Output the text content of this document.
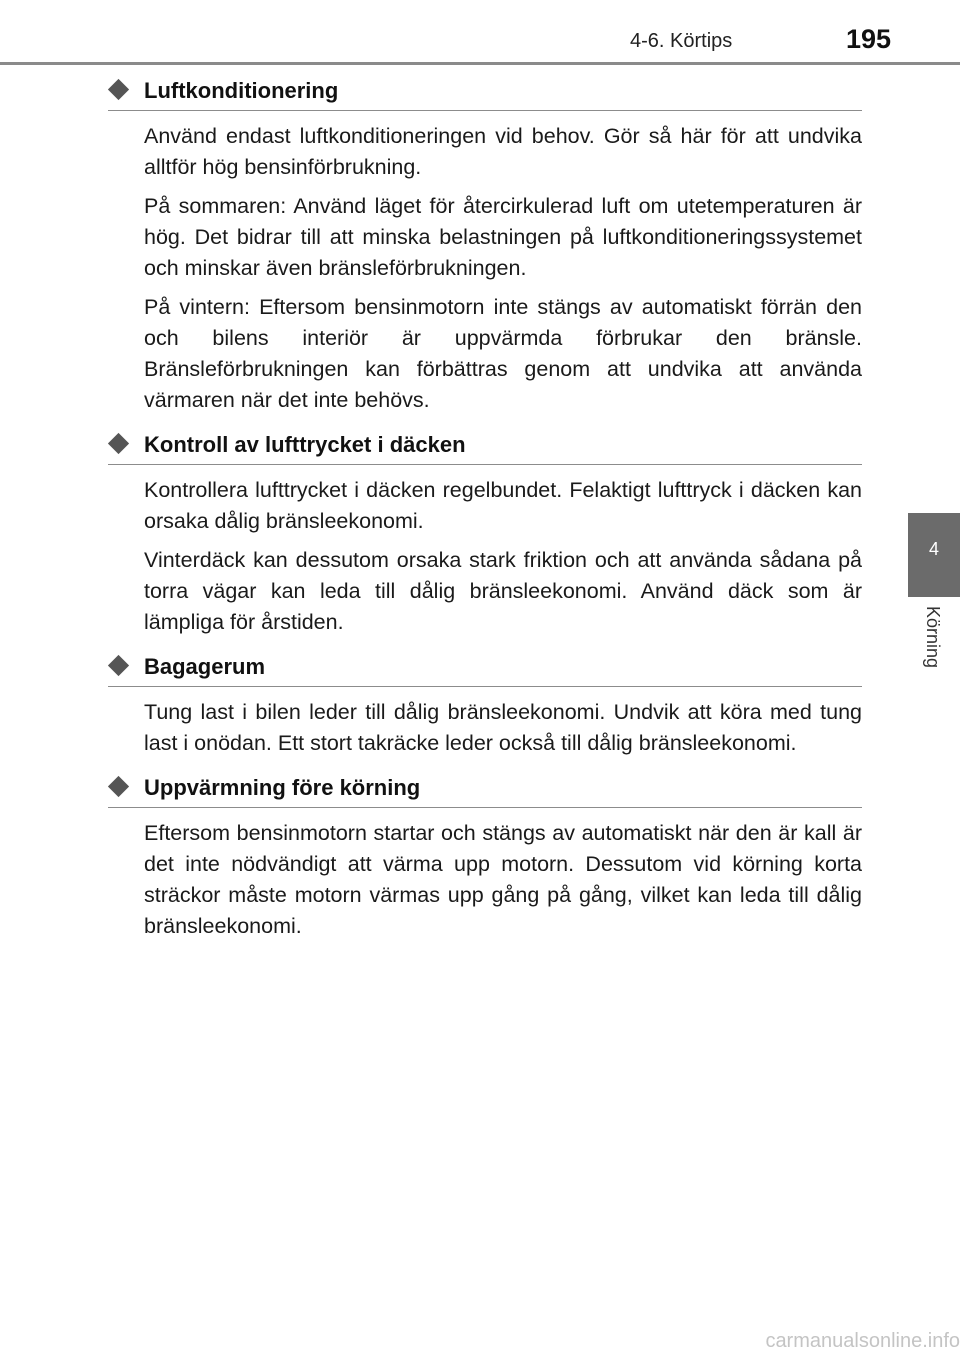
4-6. Körtips	195
4
Körning
Luftkonditionering

Använd endast luftkonditioneringen vid behov. Gör så här för att undvika alltför hög bensinförbrukning.

På sommaren: Använd läget för återcirkulerad luft om utetemperaturen är hög. Det bidrar till att minska belastningen på luftkonditioneringssystemet och minskar även bränsleförbrukningen.

På vintern: Eftersom bensinmotorn inte stängs av automatiskt förrän den och bilens interiör är uppvärmda förbrukar den bränsle. Bränsleförbrukningen kan förbättras genom att undvika att använda värmaren när det inte behövs.

Kontroll av lufttrycket i däcken

Kontrollera lufttrycket i däcken regelbundet. Felaktigt lufttryck i däcken kan orsaka dålig bränsleekonomi.

Vinterdäck kan dessutom orsaka stark friktion och att använda sådana på torra vägar kan leda till dålig bränsleekonomi. Använd däck som är lämpliga för årstiden.

Bagagerum

Tung last i bilen leder till dålig bränsleekonomi. Undvik att köra med tung last i onödan. Ett stort takräcke leder också till dålig bränsleekonomi.

Uppvärmning före körning

Eftersom bensinmotorn startar och stängs av automatiskt när den är kall är det inte nödvändigt att värma upp motorn. Dessutom vid körning korta sträckor måste motorn värmas upp gång på gång, vilket kan leda till dålig bränsleekonomi.

carmanualsonline.info
